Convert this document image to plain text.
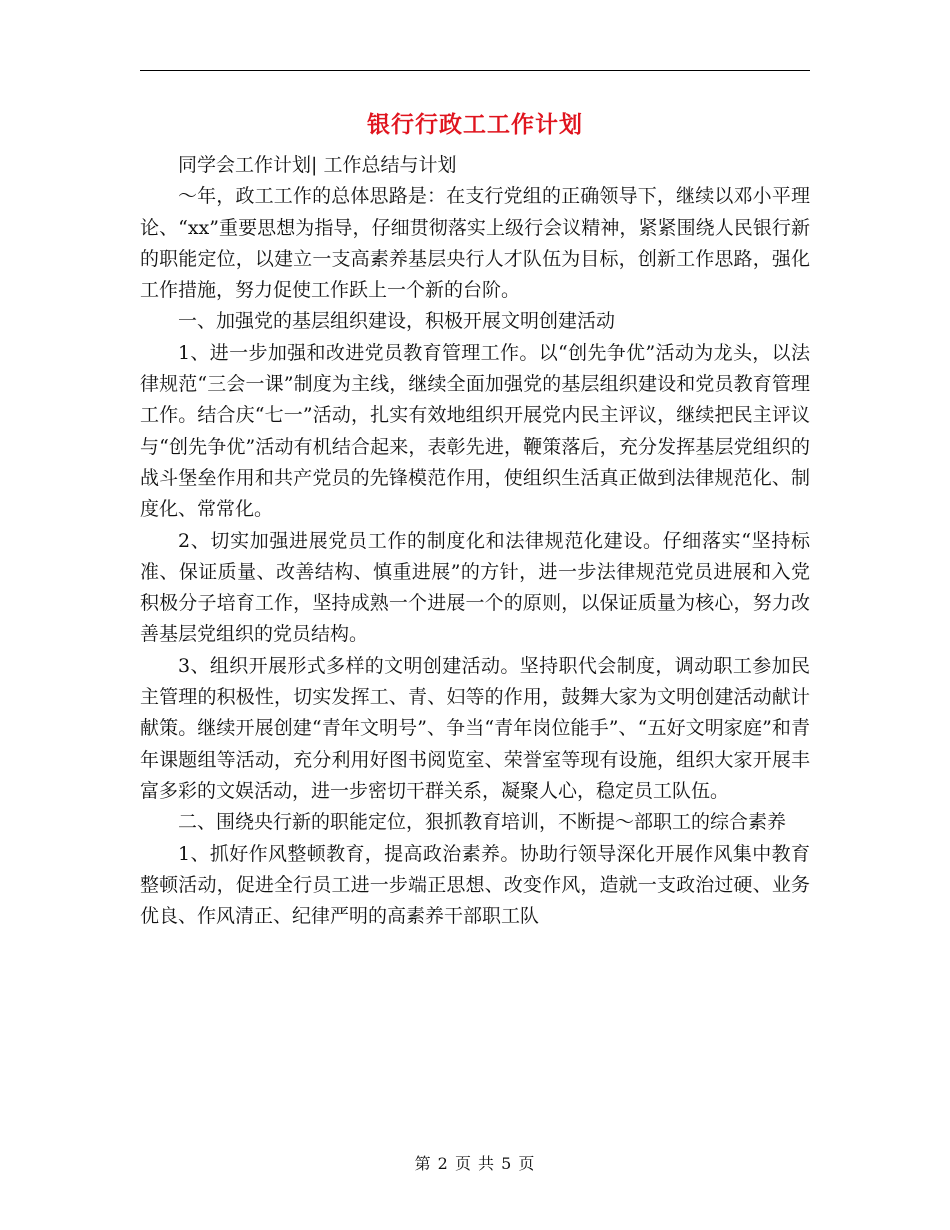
银行行政工工作计划

同学会工作计划| 工作总结与计划

～年，政工工作的总体思路是：在支行党组的正确领导下，继续以邓小平理论、“xx”重要思想为指导，仔细贯彻落实上级行会议精神，紧紧围绕人民银行新的职能定位，以建立一支高素养基层央行人才队伍为目标，创新工作思路，强化工作措施，努力促使工作跃上一个新的台阶。

一、加强党的基层组织建设，积极开展文明创建活动

1、进一步加强和改进党员教育管理工作。以“创先争优”活动为龙头，以法律规范“三会一课”制度为主线，继续全面加强党的基层组织建设和党员教育管理工作。结合庆“七一”活动，扎实有效地组织开展党内民主评议，继续把民主评议与“创先争优”活动有机结合起来，表彰先进，鞭策落后，充分发挥基层党组织的战斗堡垒作用和共产党员的先锋模范作用，使组织生活真正做到法律规范化、制度化、常常化。

2、切实加强进展党员工作的制度化和法律规范化建设。仔细落实“坚持标准、保证质量、改善结构、慎重进展”的方针，进一步法律规范党员进展和入党积极分子培育工作，坚持成熟一个进展一个的原则，以保证质量为核心，努力改善基层党组织的党员结构。

3、组织开展形式多样的文明创建活动。坚持职代会制度，调动职工参加民主管理的积极性，切实发挥工、青、妇等的作用，鼓舞大家为文明创建活动献计献策。继续开展创建“青年文明号”、争当“青年岗位能手”、“五好文明家庭”和青年课题组等活动，充分利用好图书阅览室、荣誉室等现有设施，组织大家开展丰富多彩的文娱活动，进一步密切干群关系，凝聚人心，稳定员工队伍。

二、围绕央行新的职能定位，狠抓教育培训，不断提～部职工的综合素养

1、抓好作风整顿教育，提高政治素养。协助行领导深化开展作风集中教育整顿活动，促进全行员工进一步端正思想、改变作风，造就一支政治过硬、业务优良、作风清正、纪律严明的高素养干部职工队

第 2 页 共 5 页
